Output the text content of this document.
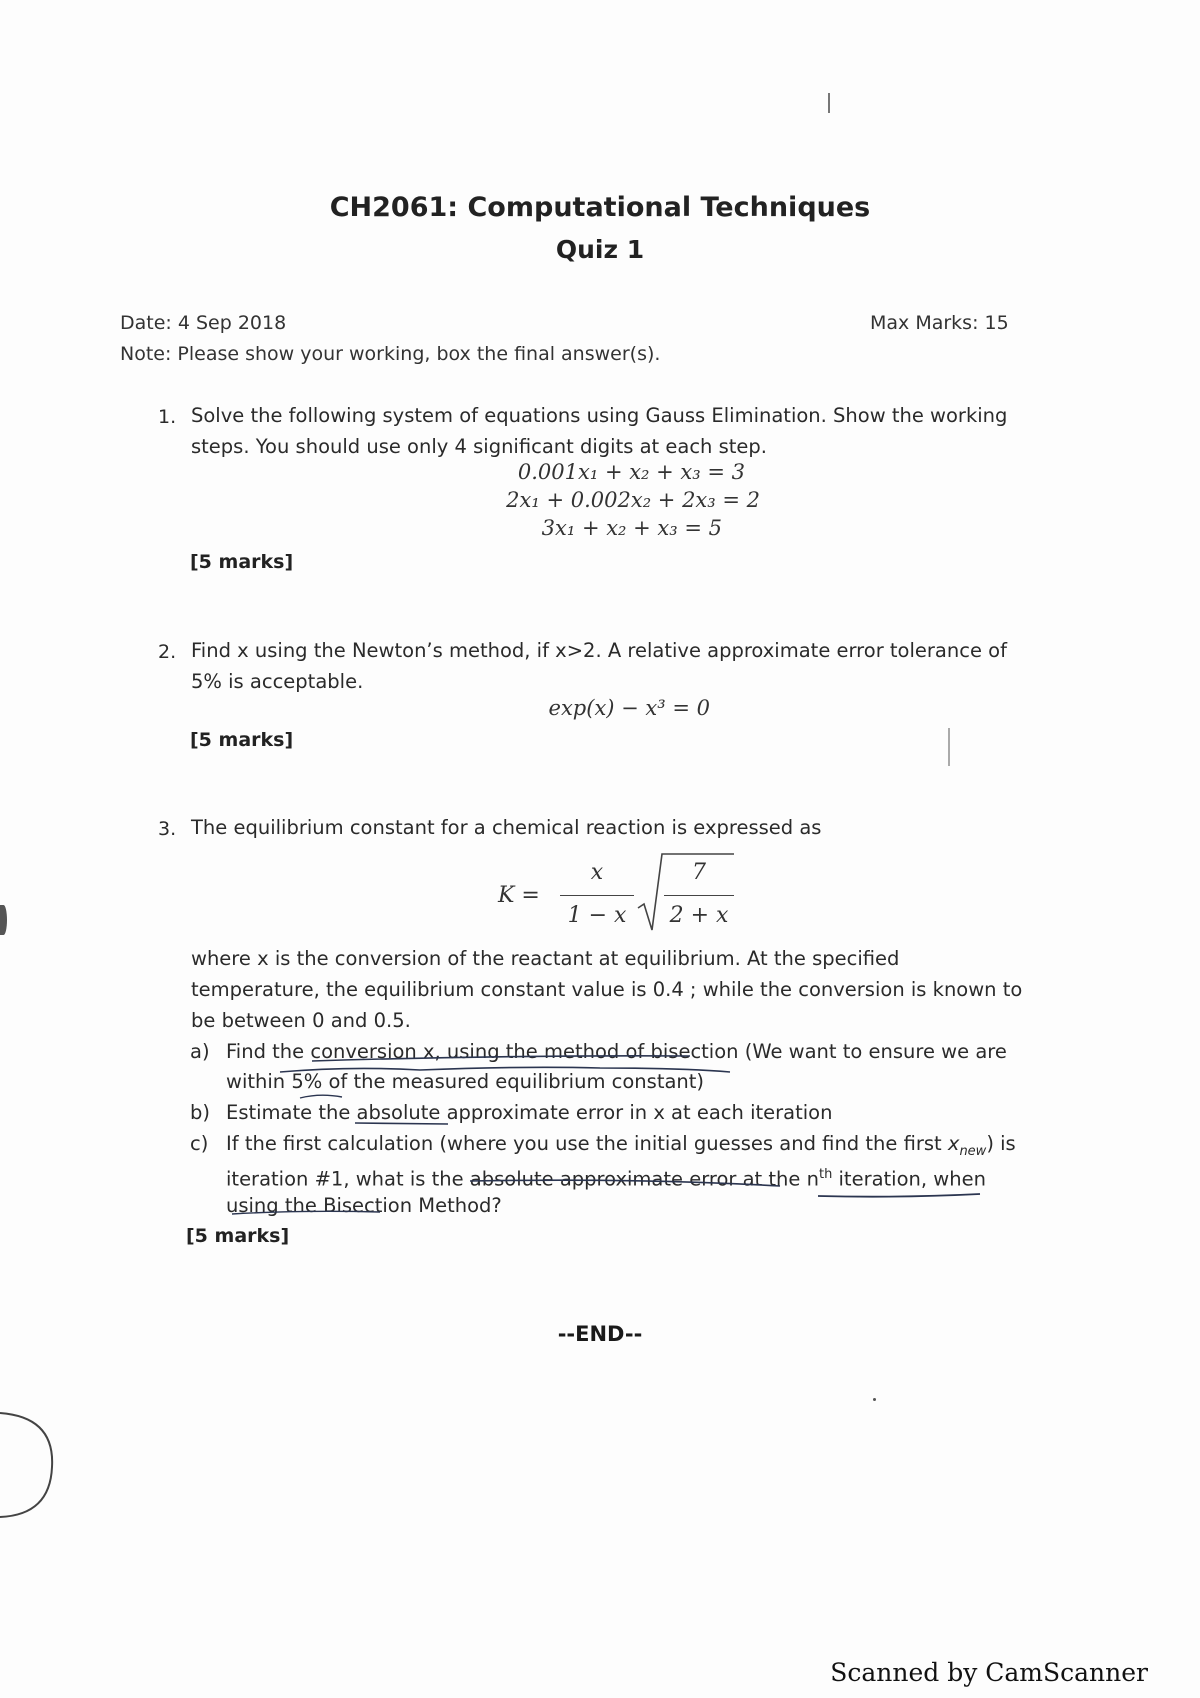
CH2061: Computational Techniques
Quiz 1
Date: 4 Sep 2018	Max Marks: 15
Note: Please show your working, box the final answer(s).
1. Solve the following system of equations using Gauss Elimination. Show the working
steps. You should use only 4 significant digits at each step.
0.001x₁ + x₂ + x₃ = 3
2x₁ + 0.002x₂ + 2x₃ = 2
3x₁ + x₂ + x₃ = 5
[5 marks]
2. Find x using the Newton’s method, if x>2. A relative approximate error tolerance of
5% is acceptable.
exp(x) − x³ = 0
[5 marks]
3. The equilibrium constant for a chemical reaction is expressed as
K =
x
1 − x
7
2 + x
where x is the conversion of the reactant at equilibrium. At the specified
temperature, the equilibrium constant value is 0.4 ; while the conversion is known to
be between 0 and 0.5.
a) Find the conversion x, using the method of bisection (We want to ensure we are
within 5% of the measured equilibrium constant)
b) Estimate the absolute approximate error in x at each iteration
c) If the first calculation (where you use the initial guesses and find the first $x_{new}$) is
iteration #1, what is the absolute approximate error at the $n^{th}$ iteration, when
using the Bisection Method?
[5 marks]
--END--
Scanned by CamScanner
